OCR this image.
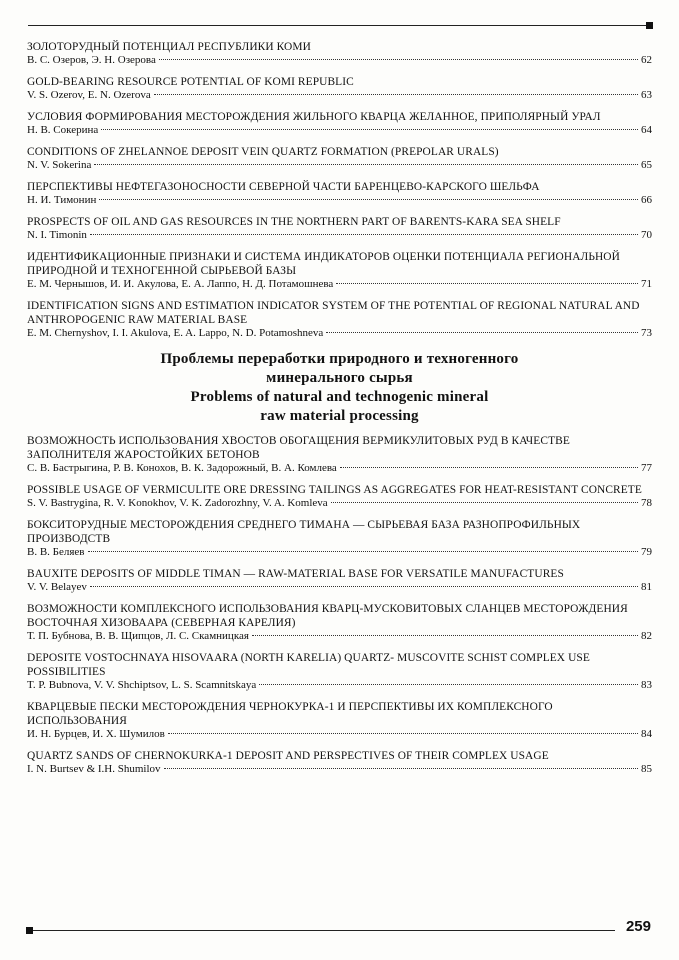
ЗОЛОТОРУДНЫЙ ПОТЕНЦИАЛ РЕСПУБЛИКИ КОМИ
В. С. Озеров, Э. Н. Озерова	62
GOLD-BEARING RESOURCE POTENTIAL OF KOMI REPUBLIC
V. S. Ozerov, E. N. Ozerova	63
УСЛОВИЯ ФОРМИРОВАНИЯ МЕСТОРОЖДЕНИЯ ЖИЛЬНОГО КВАРЦА ЖЕЛАННОЕ, ПРИПОЛЯРНЫЙ УРАЛ
Н. В. Сокерина	64
CONDITIONS OF ZHELANNOE DEPOSIT VEIN QUARTZ FORMATION (PREPOLAR URALS)
N. V. Sokerina	65
ПЕРСПЕКТИВЫ НЕФТЕГАЗОНОСНОСТИ СЕВЕРНОЙ ЧАСТИ БАРЕНЦЕВО-КАРСКОГО ШЕЛЬФА
Н. И. Тимонин	66
PROSPECTS OF OIL AND GAS RESOURCES IN THE NORTHERN PART OF BARENTS-KARA SEA SHELF
N. I. Timonin	70
ИДЕНТИФИКАЦИОННЫЕ ПРИЗНАКИ И СИСТЕМА ИНДИКАТОРОВ ОЦЕНКИ ПОТЕНЦИАЛА РЕГИОНАЛЬНОЙ ПРИРОДНОЙ И ТЕХНОГЕННОЙ СЫРЬЕВОЙ БАЗЫ
Е. М. Чернышов, И. И. Акулова, Е. А. Лаппо, Н. Д. Потамошнева	71
IDENTIFICATION SIGNS AND ESTIMATION INDICATOR SYSTEM OF THE POTENTIAL OF REGIONAL NATURAL AND ANTHROPOGENIC RAW MATERIAL BASE
E. M. Chernyshov, I. I. Akulova, E. A. Lappo, N. D. Potamoshneva	73
Проблемы переработки природного и техногенного
минерального сырья
Problems of natural and technogenic mineral
raw material processing
ВОЗМОЖНОСТЬ ИСПОЛЬЗОВАНИЯ ХВОСТОВ ОБОГАЩЕНИЯ ВЕРМИКУЛИТОВЫХ РУД В КАЧЕСТВЕ ЗАПОЛНИТЕЛЯ ЖАРОСТОЙКИХ БЕТОНОВ
С. В. Бастрыгина, Р. В. Конохов, В. К. Задорожный, В. А. Комлева	77
POSSIBLE USAGE OF VERMICULITE ORE DRESSING TAILINGS AS AGGREGATES FOR HEAT-RESISTANT CONCRETE
S. V. Bastrygina, R. V. Konokhov, V. K. Zadorozhny, V. A. Komleva	78
БОКСИТОРУДНЫЕ МЕСТОРОЖДЕНИЯ СРЕДНЕГО ТИМАНА — СЫРЬЕВАЯ БАЗА РАЗНОПРОФИЛЬНЫХ ПРОИЗВОДСТВ
В. В. Беляев	79
BAUXITE DEPOSITS OF MIDDLE TIMAN — RAW-MATERIAL BASE FOR VERSATILE MANUFACTURES
V. V. Belayev	81
ВОЗМОЖНОСТИ КОМПЛЕКСНОГО ИСПОЛЬЗОВАНИЯ КВАРЦ-МУСКОВИТОВЫХ СЛАНЦЕВ МЕСТОРОЖДЕНИЯ ВОСТОЧНАЯ ХИЗОВААРА (СЕВЕРНАЯ КАРЕЛИЯ)
Т. П. Бубнова, В. В. Щипцов, Л. С. Скамницкая	82
DEPOSITE VOSTOCHNAYA HISOVAARA (NORTH KARELIA) QUARTZ- MUSCOVITE SCHIST COMPLEX USE POSSIBILITIES
T. P. Bubnova, V. V. Shchiptsov, L. S. Scamnitskaya	83
КВАРЦЕВЫЕ ПЕСКИ МЕСТОРОЖДЕНИЯ ЧЕРНОКУРКА-1 И ПЕРСПЕКТИВЫ ИХ КОМПЛЕКСНОГО ИСПОЛЬЗОВАНИЯ
И. Н. Бурцев, И. Х. Шумилов	84
QUARTZ SANDS OF CHERNOKURKA-1 DEPOSIT AND PERSPECTIVES OF THEIR COMPLEX USAGE
I. N. Burtsev & I.H. Shumilov	85
259
